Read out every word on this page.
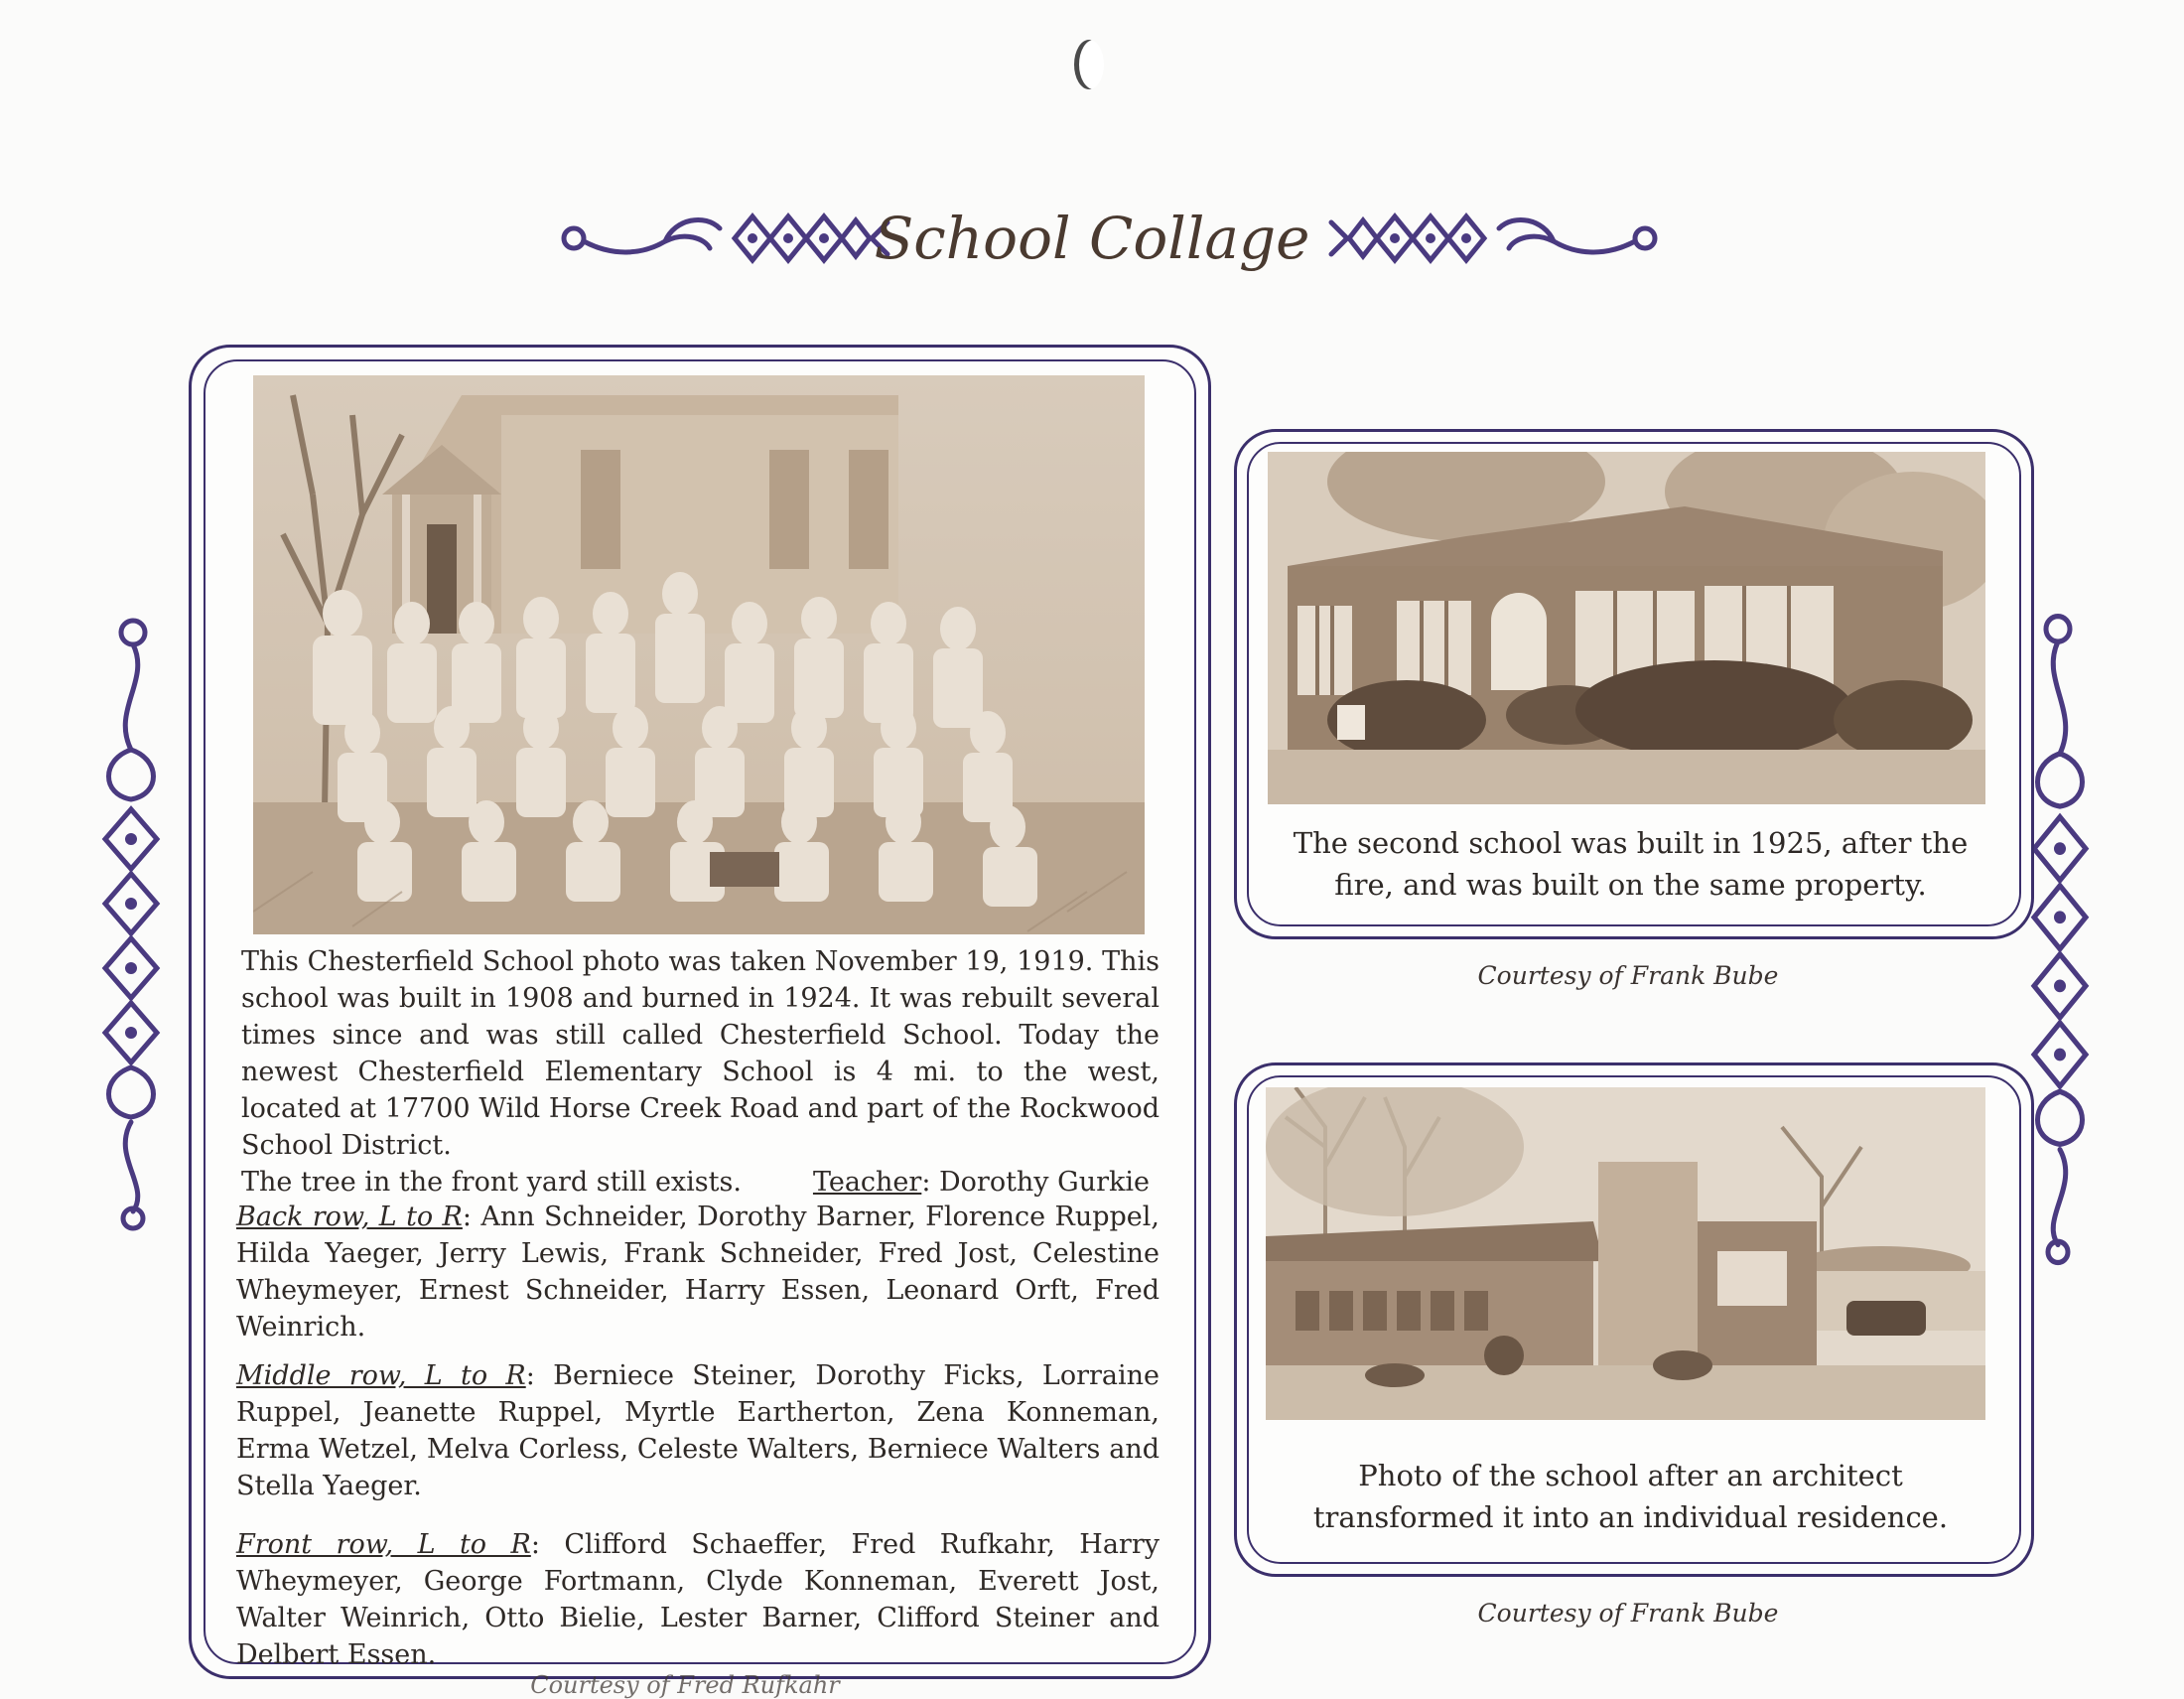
School Collage

This Chesterfield School photo was taken November 19, 1919. This school was built in 1908 and burned in 1924. It was rebuilt several times since and was still called Chesterfield School. Today the newest Chesterfield Elementary School is 4 mi. to the west, located at 17700 Wild Horse Creek Road and part of the Rockwood School District.

The tree in the front yard still exists.	Teacher: Dorothy Gurkie

Back row, L to R: Ann Schneider, Dorothy Barner, Florence Ruppel, Hilda Yaeger, Jerry Lewis, Frank Schneider, Fred Jost, Celestine Wheymeyer, Ernest Schneider, Harry Essen, Leonard Orft, Fred Weinrich.

Middle row, L to R: Berniece Steiner, Dorothy Ficks, Lorraine Ruppel, Jeanette Ruppel, Myrtle Eartherton, Zena Konneman, Erma Wetzel, Melva Corless, Celeste Walters, Berniece Walters and Stella Yaeger.

Front row, L to R: Clifford Schaeffer, Fred Rufkahr, Harry Wheymeyer, George Fortmann, Clyde Konneman, Everett Jost, Walter Weinrich, Otto Bielie, Lester Barner, Clifford Steiner and Delbert Essen.

Courtesy of Fred Rufkahr
The second school was built in 1925, after the fire, and was built on the same property.
Courtesy of Frank Bube
Photo of the school after an architect transformed it into an individual residence.
Courtesy of Frank Bube
